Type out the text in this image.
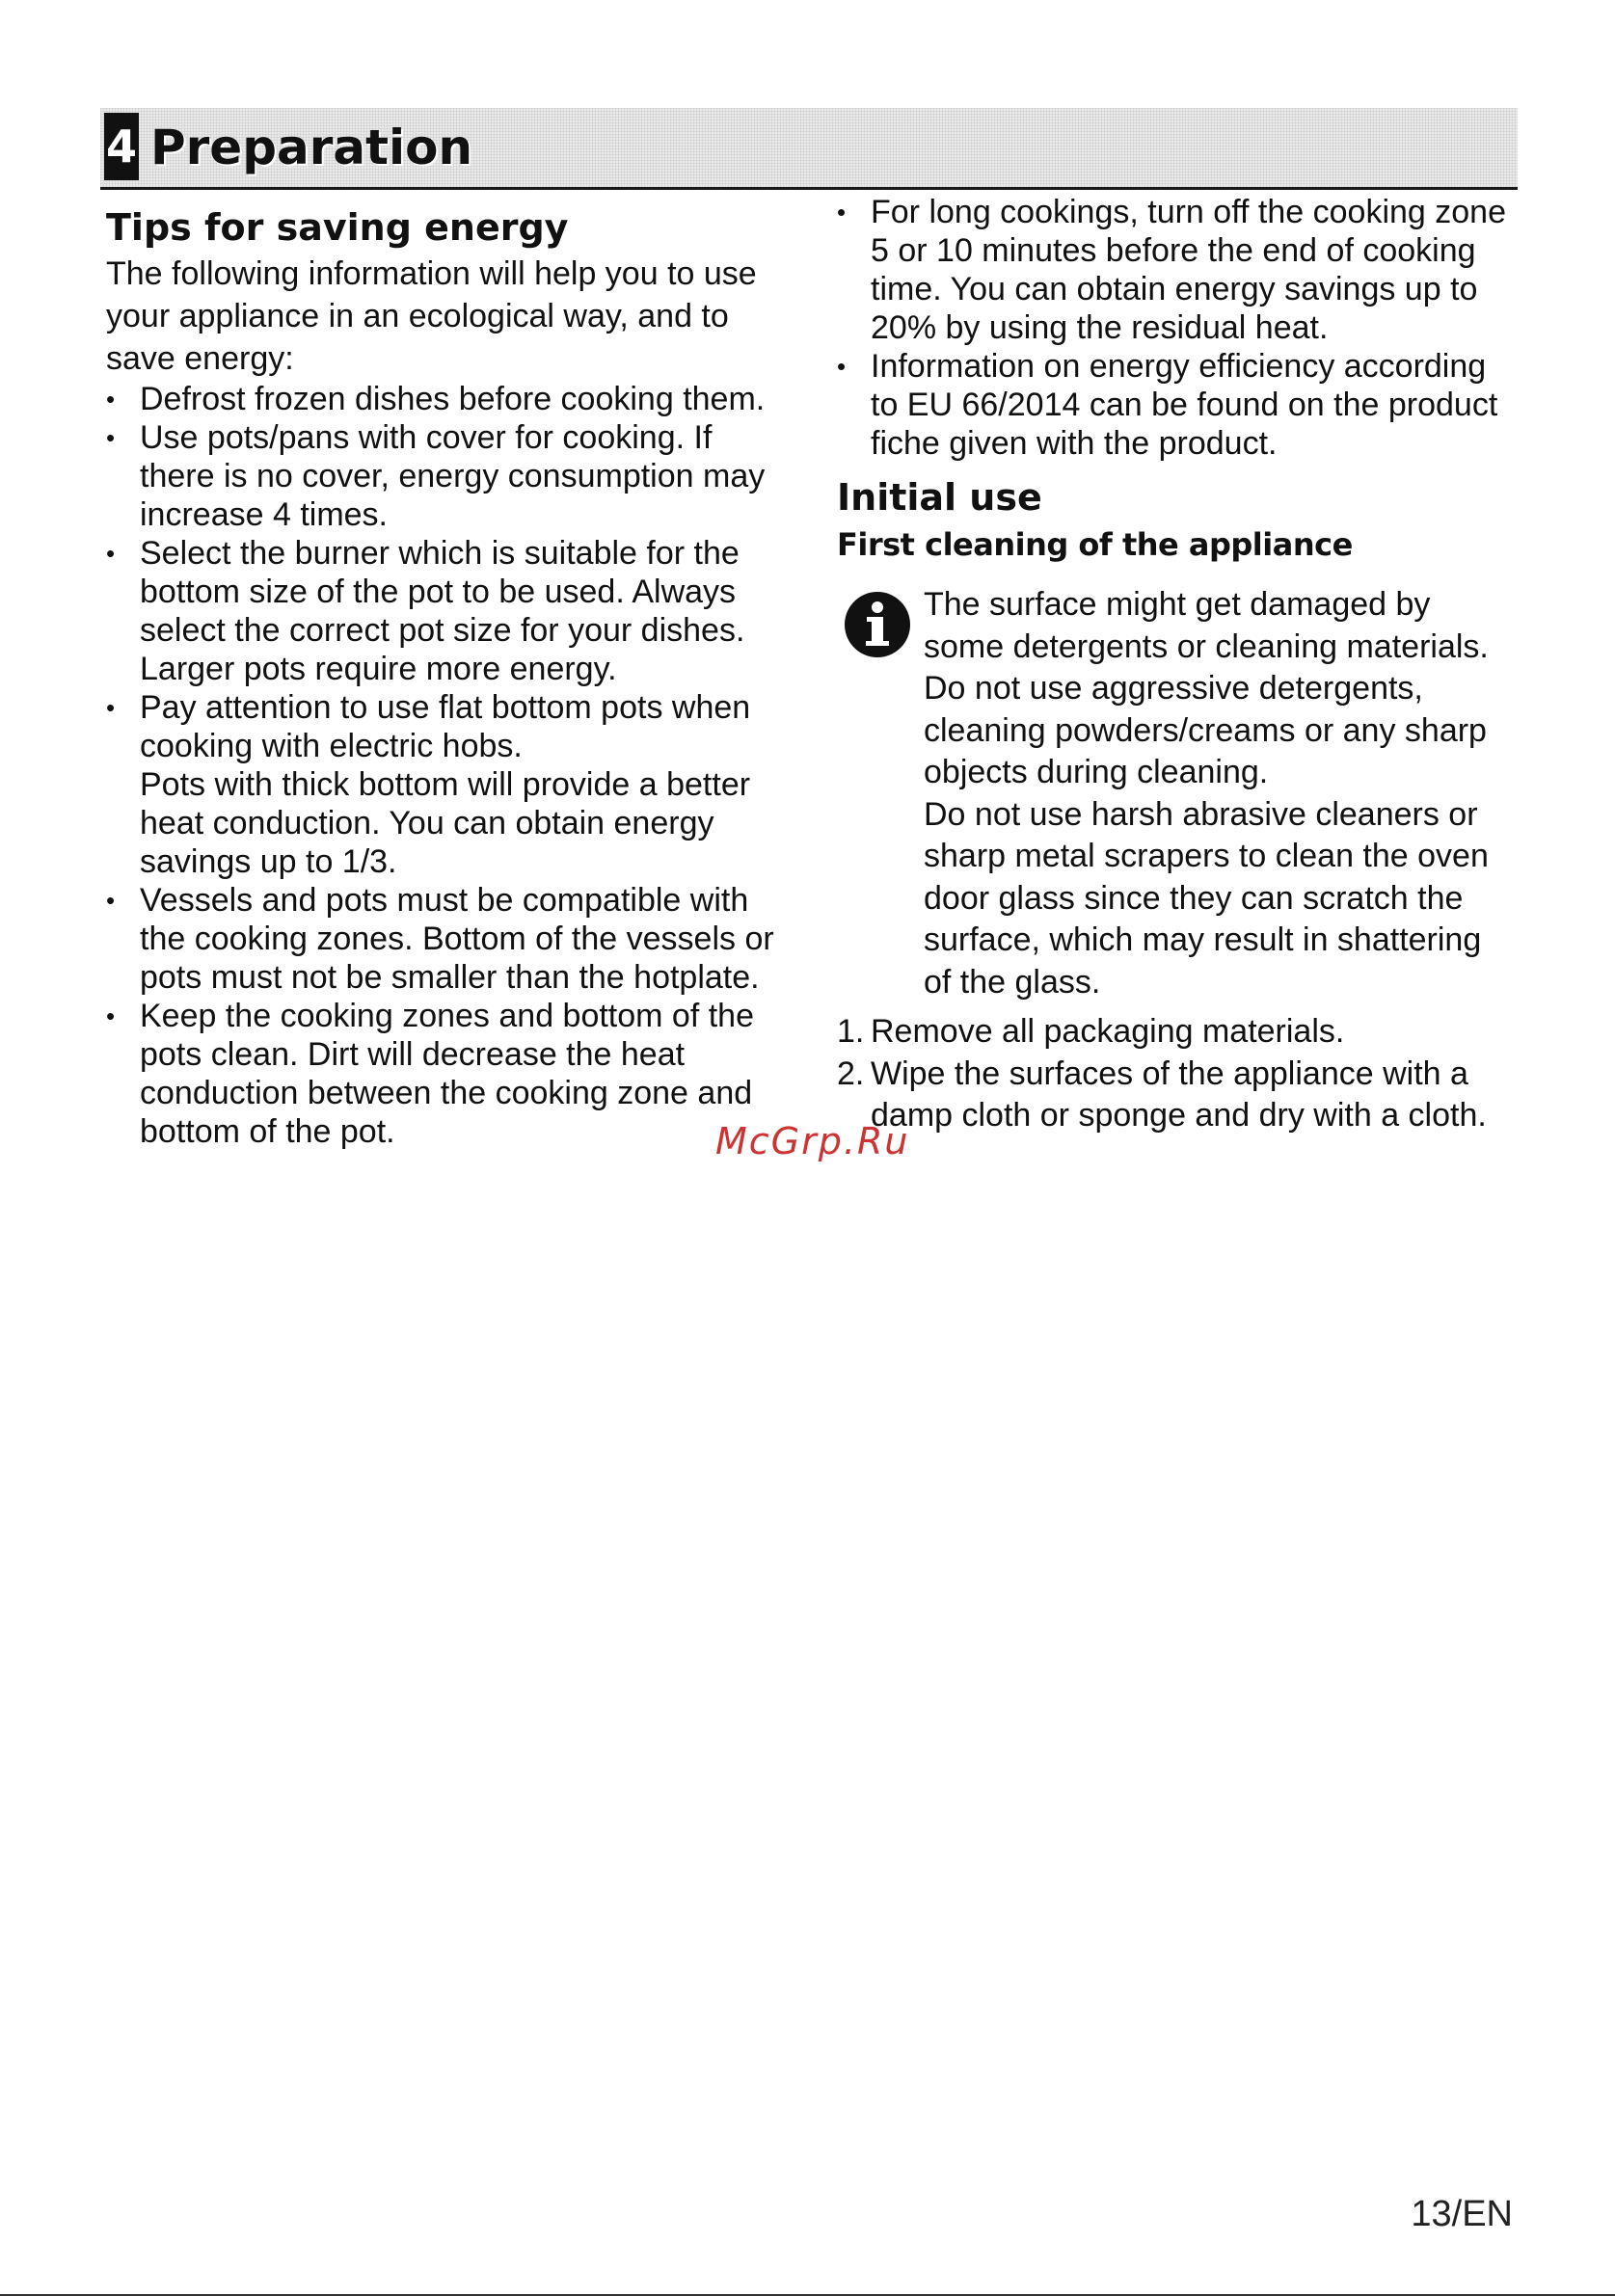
4 Preparation
Tips for saving energy

The following information will help you to use
your appliance in an ecological way, and to
save energy:

• Defrost frozen dishes before cooking them.
• Use pots/pans with cover for cooking. If
there is no cover, energy consumption may
increase 4 times.
• Select the burner which is suitable for the
bottom size of the pot to be used. Always
select the correct pot size for your dishes.
Larger pots require more energy.
• Pay attention to use flat bottom pots when
cooking with electric hobs.
Pots with thick bottom will provide a better
heat conduction. You can obtain energy
savings up to 1/3.
• Vessels and pots must be compatible with
the cooking zones. Bottom of the vessels or
pots must not be smaller than the hotplate.
• Keep the cooking zones and bottom of the
pots clean. Dirt will decrease the heat
conduction between the cooking zone and
bottom of the pot.
• For long cookings, turn off the cooking zone
5 or 10 minutes before the end of cooking
time. You can obtain energy savings up to
20% by using the residual heat.
• Information on energy efficiency according
to EU 66/2014 can be found on the product
fiche given with the product.
Initial use
First cleaning of the appliance

The surface might get damaged by
some detergents or cleaning materials.
Do not use aggressive detergents,
cleaning powders/creams or any sharp
objects during cleaning.
Do not use harsh abrasive cleaners or
sharp metal scrapers to clean the oven
door glass since they can scratch the
surface, which may result in shattering
of the glass.

1. Remove all packaging materials.
2. Wipe the surfaces of the appliance with a
damp cloth or sponge and dry with a cloth.
McGrp.Ru
13/EN
